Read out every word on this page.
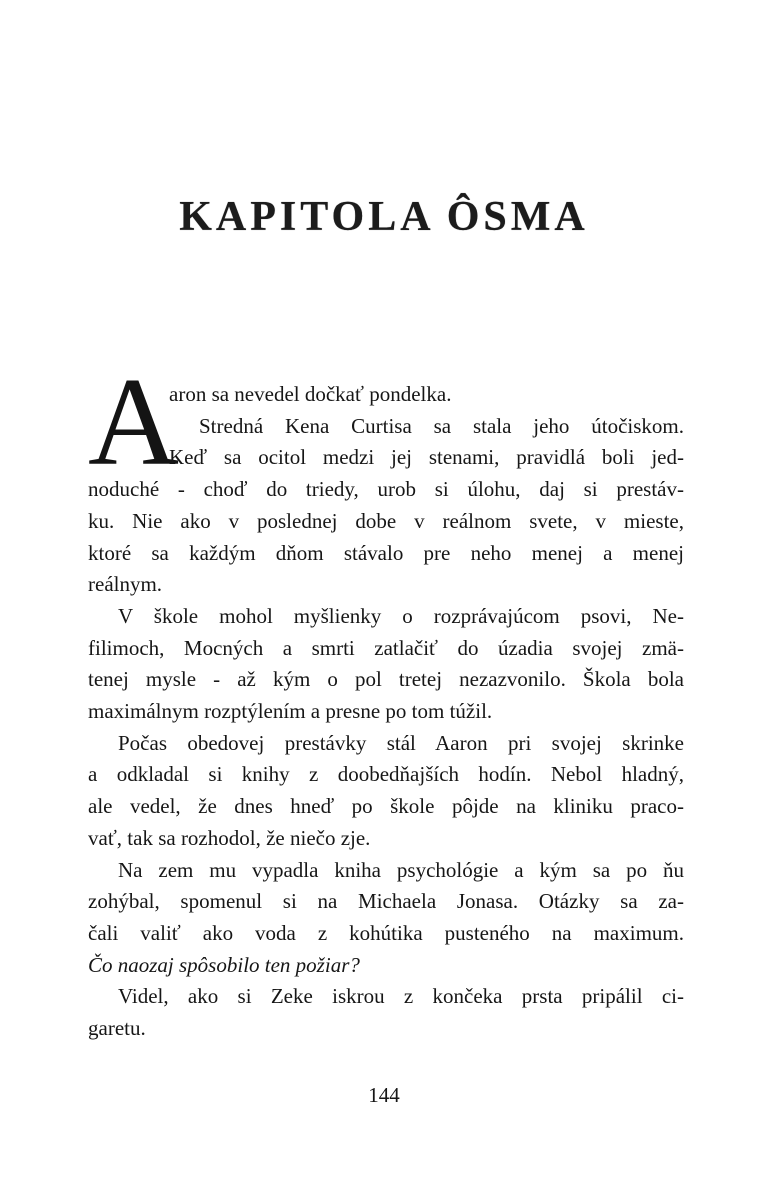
KAPITOLA ÔSMA
A
aron sa nevedel dočkať pondelka.
Stredná Kena Curtisa sa stala jeho útočiskom.
Keď sa ocitol medzi jej stenami, pravidlá boli jed-
noduché - choď do triedy, urob si úlohu, daj si prestáv-
ku. Nie ako v poslednej dobe v reálnom svete, v mieste,
ktoré sa každým dňom stávalo pre neho menej a menej
reálnym.
V škole mohol myšlienky o rozprávajúcom psovi, Ne-
filimoch, Mocných a smrti zatlačiť do úzadia svojej zmä-
tenej mysle - až kým o pol tretej nezazvonilo. Škola bola
maximálnym rozptýlením a presne po tom túžil.
Počas obedovej prestávky stál Aaron pri svojej skrinke
a odkladal si knihy z doobedňajších hodín. Nebol hladný,
ale vedel, že dnes hneď po škole pôjde na kliniku praco-
vať, tak sa rozhodol, že niečo zje.
Na zem mu vypadla kniha psychológie a kým sa po ňu
zohýbal, spomenul si na Michaela Jonasa. Otázky sa za-
čali valiť ako voda z kohútika pusteného na maximum.
Čo naozaj spôsobilo ten požiar?
Videl, ako si Zeke iskrou z končeka prsta pripálil ci-
garetu.
144
